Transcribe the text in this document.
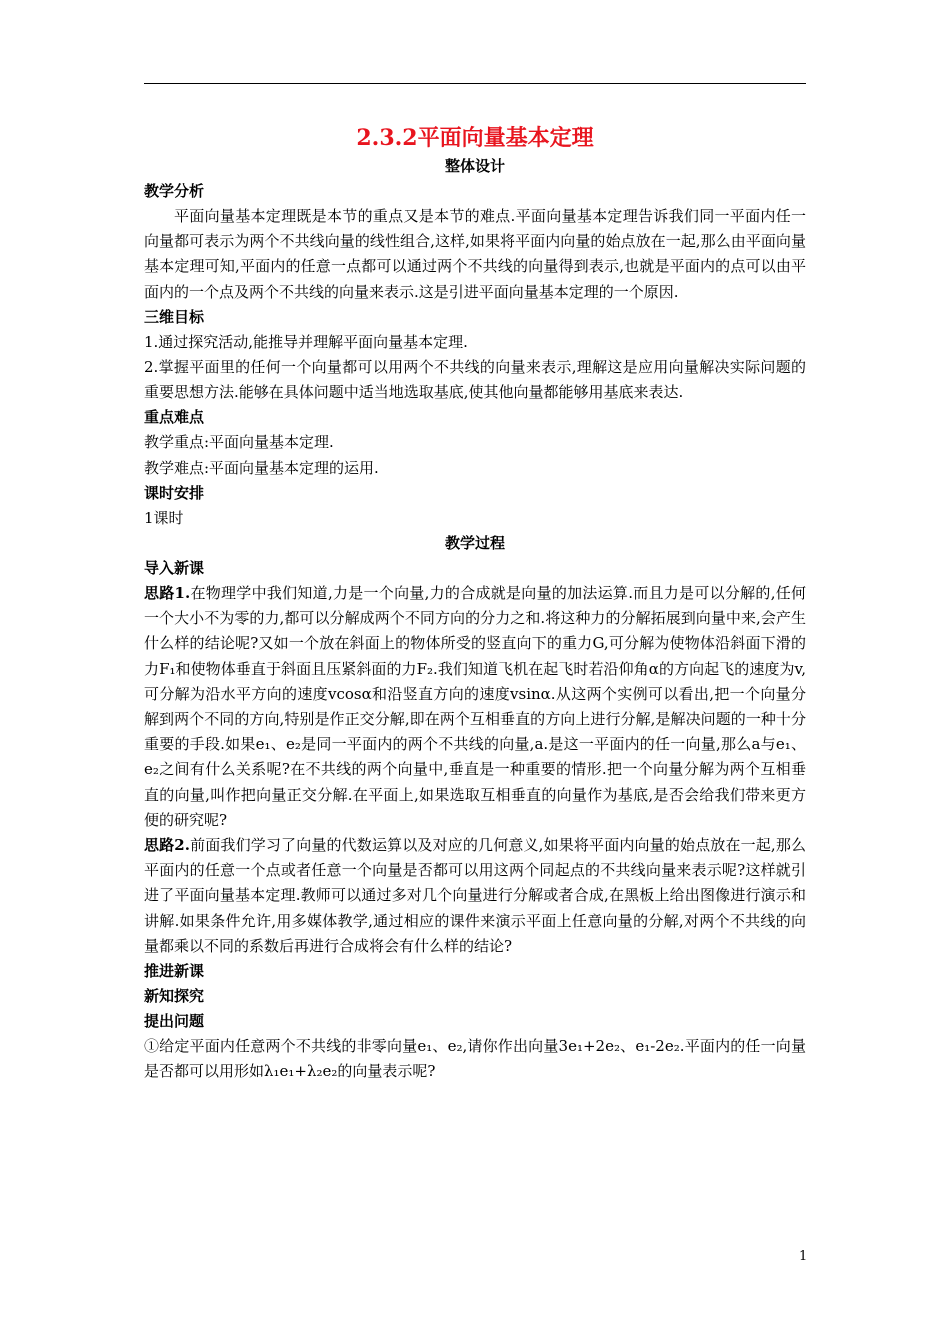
2.3.2平面向量基本定理

整体设计

教学分析

平面向量基本定理既是本节的重点又是本节的难点.平面向量基本定理告诉我们同一平面内任一向量都可表示为两个不共线向量的线性组合,这样,如果将平面内向量的始点放在一起,那么由平面向量基本定理可知,平面内的任意一点都可以通过两个不共线的向量得到表示,也就是平面内的点可以由平面内的一个点及两个不共线的向量来表示.这是引进平面向量基本定理的一个原因.

三维目标

1.通过探究活动,能推导并理解平面向量基本定理.

2.掌握平面里的任何一个向量都可以用两个不共线的向量来表示,理解这是应用向量解决实际问题的重要思想方法.能够在具体问题中适当地选取基底,使其他向量都能够用基底来表达.

重点难点

教学重点:平面向量基本定理.

教学难点:平面向量基本定理的运用.

课时安排

1课时

教学过程

导入新课

思路1.在物理学中我们知道,力是一个向量,力的合成就是向量的加法运算.而且力是可以分解的,任何一个大小不为零的力,都可以分解成两个不同方向的分力之和.将这种力的分解拓展到向量中来,会产生什么样的结论呢?又如一个放在斜面上的物体所受的竖直向下的重力G,可分解为使物体沿斜面下滑的力F₁和使物体垂直于斜面且压紧斜面的力F₂.我们知道飞机在起飞时若沿仰角α的方向起飞的速度为v,可分解为沿水平方向的速度vcosα和沿竖直方向的速度vsinα.从这两个实例可以看出,把一个向量分解到两个不同的方向,特别是作正交分解,即在两个互相垂直的方向上进行分解,是解决问题的一种十分重要的手段.如果e₁、e₂是同一平面内的两个不共线的向量,a.是这一平面内的任一向量,那么a与e₁、e₂之间有什么关系呢?在不共线的两个向量中,垂直是一种重要的情形.把一个向量分解为两个互相垂直的向量,叫作把向量正交分解.在平面上,如果选取互相垂直的向量作为基底,是否会给我们带来更方便的研究呢?

思路2.前面我们学习了向量的代数运算以及对应的几何意义,如果将平面内向量的始点放在一起,那么平面内的任意一个点或者任意一个向量是否都可以用这两个同起点的不共线向量来表示呢?这样就引进了平面向量基本定理.教师可以通过多对几个向量进行分解或者合成,在黑板上给出图像进行演示和讲解.如果条件允许,用多媒体教学,通过相应的课件来演示平面上任意向量的分解,对两个不共线的向量都乘以不同的系数后再进行合成将会有什么样的结论?

推进新课

新知探究

提出问题

①给定平面内任意两个不共线的非零向量e₁、e₂,请你作出向量3e₁+2e₂、e₁-2e₂.平面内的任一向量是否都可以用形如λ₁e₁+λ₂e₂的向量表示呢?

1
